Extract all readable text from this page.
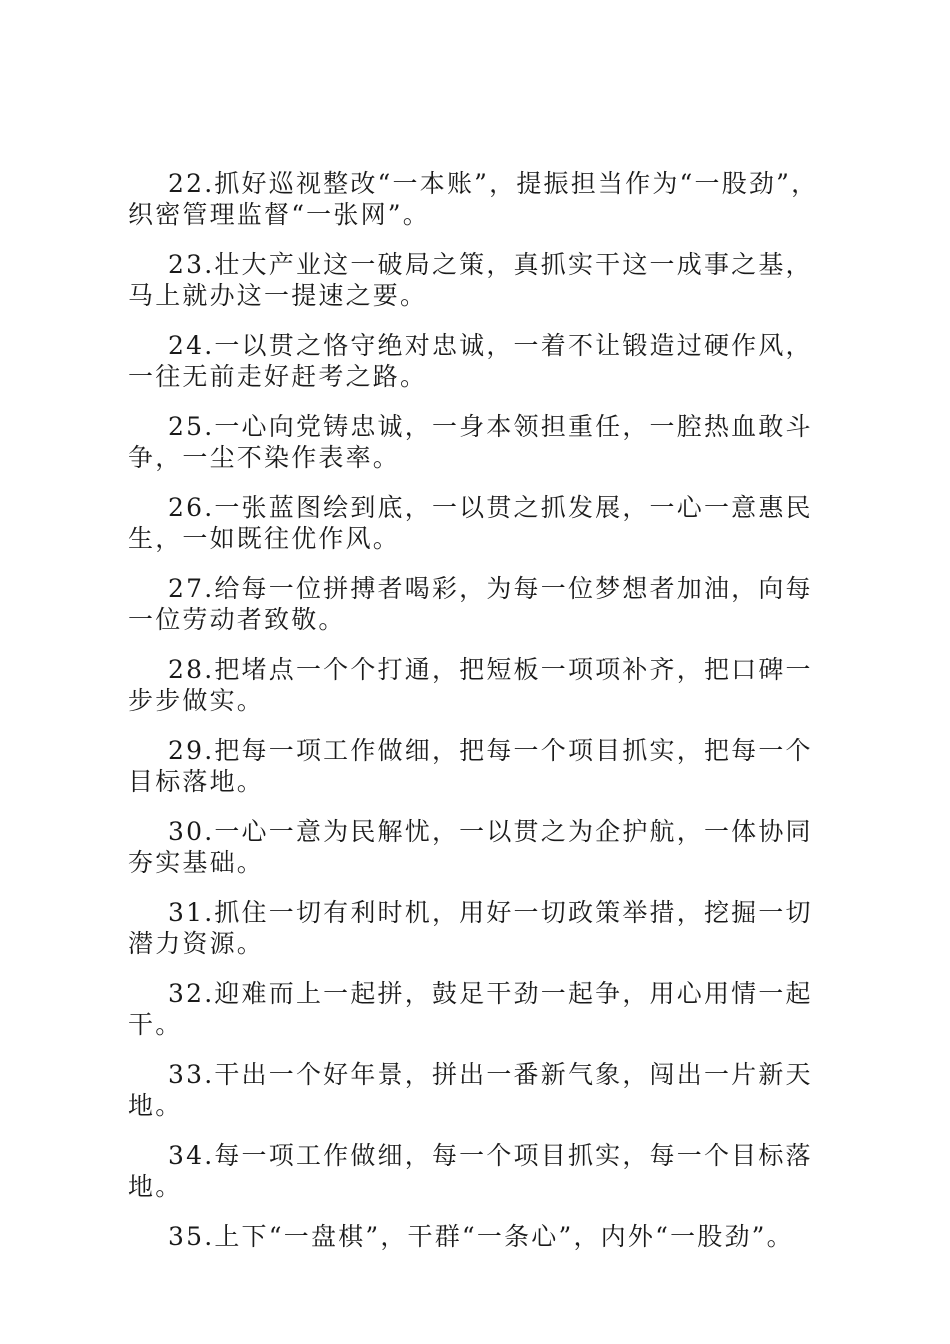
22.抓好巡视整改“一本账”，提振担当作为“一股劲”，织密管理监督“一张网”。

23.壮大产业这一破局之策，真抓实干这一成事之基，马上就办这一提速之要。

24.一以贯之恪守绝对忠诚，一着不让锻造过硬作风，一往无前走好赶考之路。

25.一心向党铸忠诚，一身本领担重任，一腔热血敢斗争，一尘不染作表率。

26.一张蓝图绘到底，一以贯之抓发展，一心一意惠民生，一如既往优作风。

27.给每一位拼搏者喝彩，为每一位梦想者加油，向每一位劳动者致敬。

28.把堵点一个个打通，把短板一项项补齐，把口碑一步步做实。

29.把每一项工作做细，把每一个项目抓实，把每一个目标落地。

30.一心一意为民解忧，一以贯之为企护航，一体协同夯实基础。

31.抓住一切有利时机，用好一切政策举措，挖掘一切潜力资源。

32.迎难而上一起拼，鼓足干劲一起争，用心用情一起干。

33.干出一个好年景，拼出一番新气象，闯出一片新天地。

34.每一项工作做细，每一个项目抓实，每一个目标落地。

35.上下“一盘棋”，干群“一条心”，内外“一股劲”。
